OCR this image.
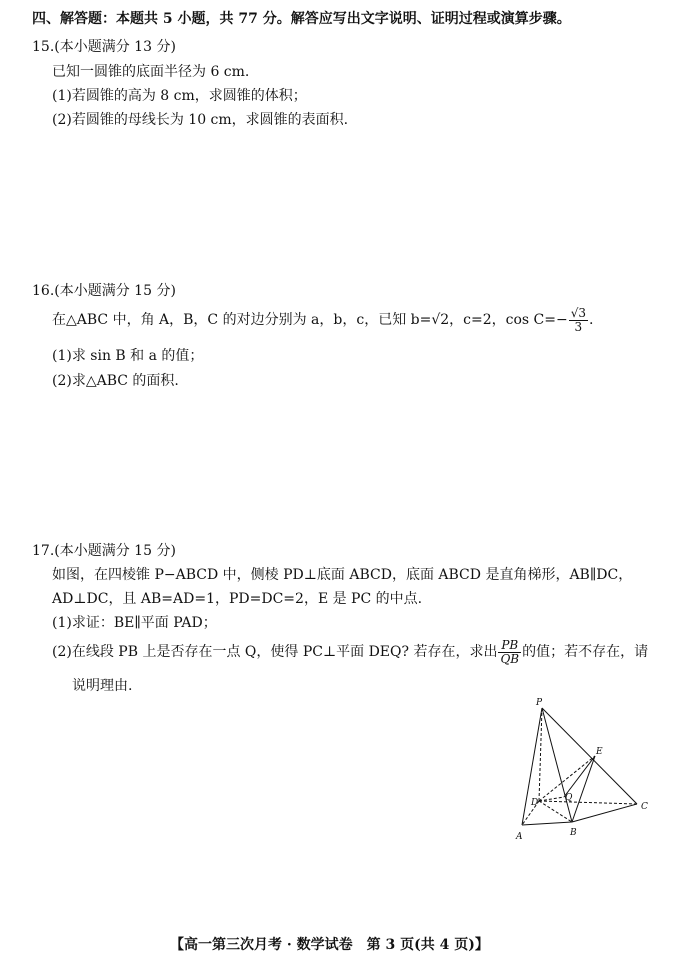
四、解答题：本题共 5 小题，共 77 分。解答应写出文字说明、证明过程或演算步骤。
15.(本小题满分 13 分)
已知一圆锥的底面半径为 6 cm.
(1)若圆锥的高为 8 cm，求圆锥的体积；
(2)若圆锥的母线长为 10 cm，求圆锥的表面积.
16.(本小题满分 15 分)
在△ABC 中，角 A，B，C 的对边分别为 a，b，c，已知 b=√2，c=2，$\cos C=- \frac{√3}{3}$ .
(1)求 sin B 和 a 的值；
(2)求△ABC 的面积.
17.(本小题满分 15 分)
如图，在四棱锥 P−ABCD 中，侧棱 PD⊥底面 ABCD，底面 ABCD 是直角梯形，AB∥DC，
AD⊥DC，且 AB=AD=1，PD=DC=2，E 是 PC 的中点.
(1)求证：BE∥平面 PAD；
(2)在线段 PB 上是否存在一点 Q，使得 PC⊥平面 DEQ? 若存在，求出 $\frac{PB}{QB}$ 的值；若不存在，请
说明理由.
P
A	B
C
D
E
Q
【高一第三次月考 · 数学试卷　第 3 页(共 4 页)】
